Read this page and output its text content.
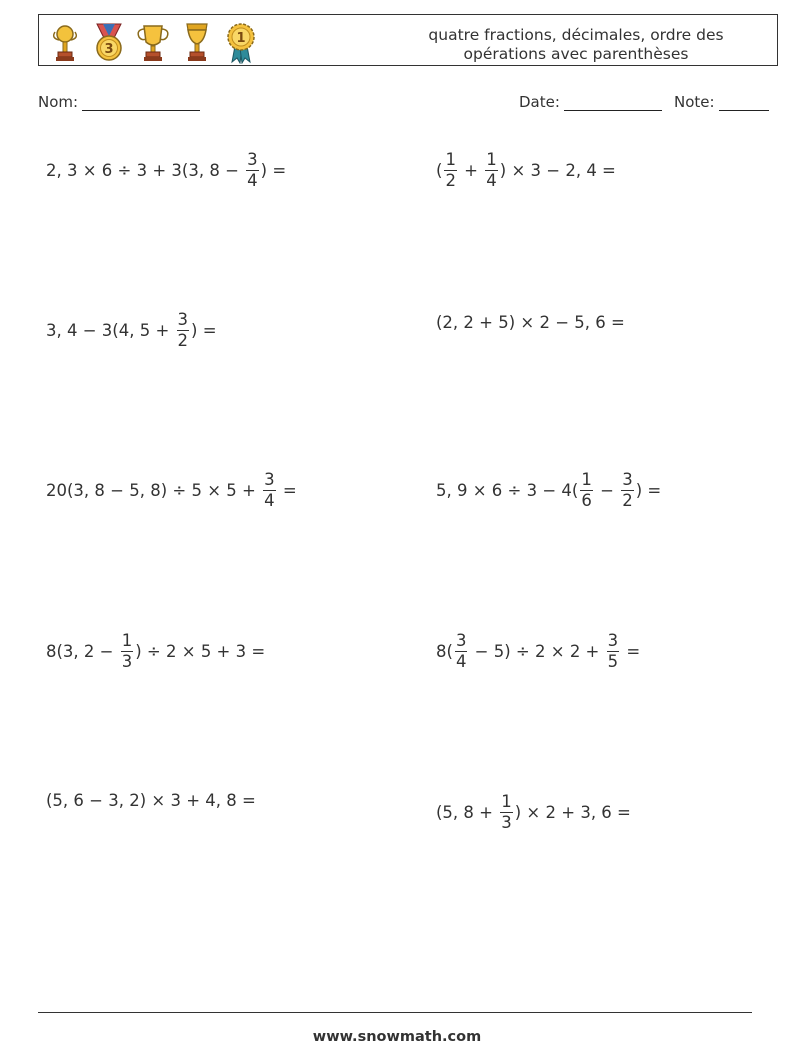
3
1	quatre fractions, décimales, ordre des opérations avec parenthèses
Nom:	Date:	Note:
2, 3 × 6 ÷ 3 + 3(3, $8 - \frac{3}{4}$ ) =	( $\frac{1}{2} + \frac{1}{4}$ ) × 3 − 2, 4 =
3, 4 − 3(4, $5 + \frac{3}{2}$ ) =	(2, 2 + 5) × 2 − 5, 6 =
20(3, 8 − 5, $8) \div 5 \times 5 + \frac{3}{4}$ =	5, $9 \times 6 \div 3 - 4( \frac{1}{6} - \frac{3}{2}$ ) =
8(3, $2 - \frac{1}{3}$ ) ÷ 2 × 5 + 3 =	$8( \frac{3}{4} - 5) \div 2 \times 2 + \frac{3}{5}$ =
(5, 6 − 3, 2) × 3 + 4, 8 =
(5, $8 + \frac{1}{3}$ ) × 2 + 3, 6 =
www.snowmath.com
